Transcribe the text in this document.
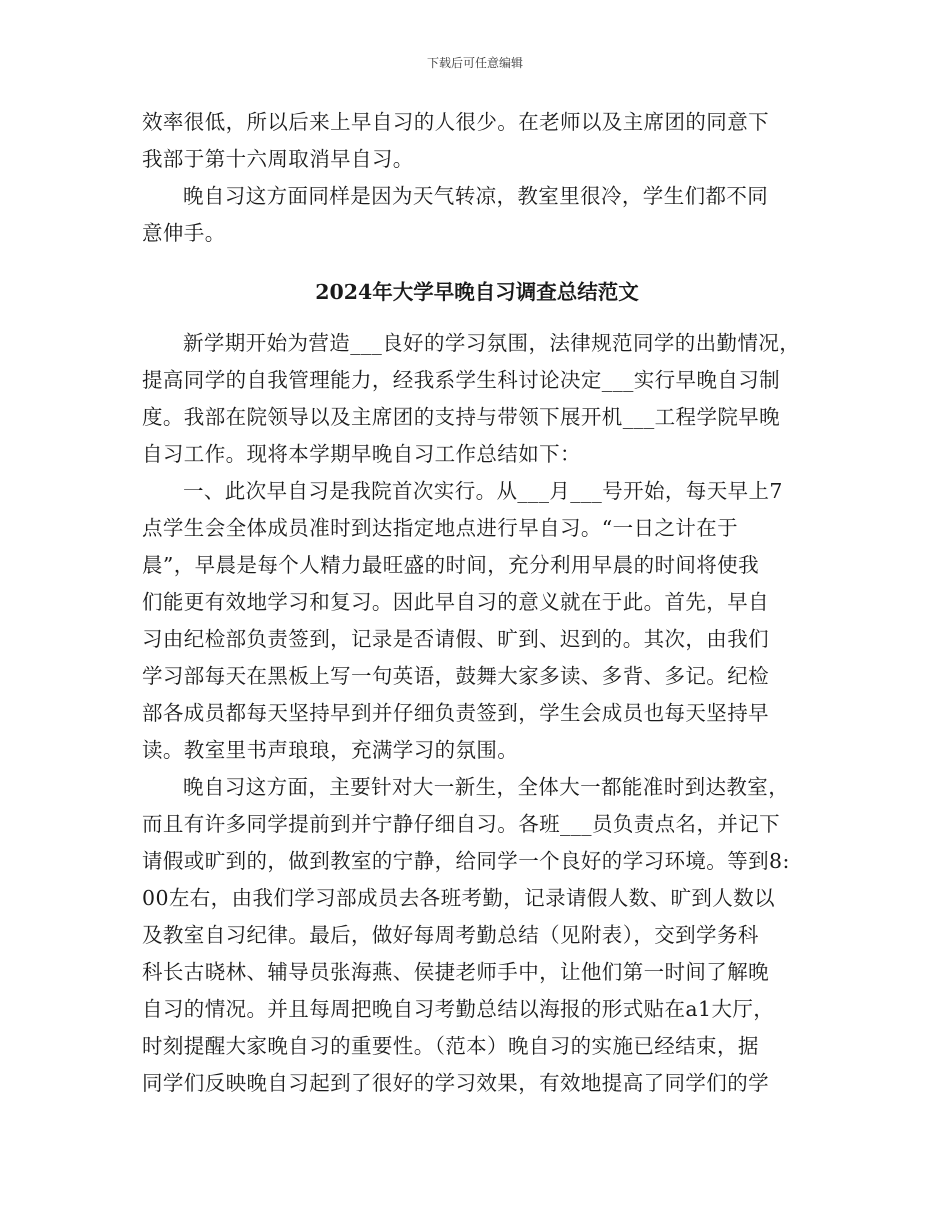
下载后可任意编辑
效率很低，所以后来上早自习的人很少。在老师以及主席团的同意下
我部于第十六周取消早自习。
晚自习这方面同样是因为天气转凉，教室里很冷，学生们都不同
意伸手。
2024年大学早晚自习调查总结范文
新学期开始为营造___良好的学习氛围，法律规范同学的出勤情况，
提高同学的自我管理能力，经我系学生科讨论决定___实行早晚自习制
度。我部在院领导以及主席团的支持与带领下展开机___工程学院早晚
自习工作。现将本学期早晚自习工作总结如下：
一、此次早自习是我院首次实行。从___月___号开始，每天早上7
点学生会全体成员准时到达指定地点进行早自习。“一日之计在于
晨”，早晨是每个人精力最旺盛的时间，充分利用早晨的时间将使我
们能更有效地学习和复习。因此早自习的意义就在于此。首先，早自
习由纪检部负责签到，记录是否请假、旷到、迟到的。其次，由我们
学习部每天在黑板上写一句英语，鼓舞大家多读、多背、多记。纪检
部各成员都每天坚持早到并仔细负责签到，学生会成员也每天坚持早
读。教室里书声琅琅，充满学习的氛围。
晚自习这方面，主要针对大一新生，全体大一都能准时到达教室，
而且有许多同学提前到并宁静仔细自习。各班___员负责点名，并记下
请假或旷到的，做到教室的宁静，给同学一个良好的学习环境。等到8:
00左右，由我们学习部成员去各班考勤，记录请假人数、旷到人数以
及教室自习纪律。最后，做好每周考勤总结（见附表），交到学务科
科长古晓林、辅导员张海燕、侯捷老师手中，让他们第一时间了解晚
自习的情况。并且每周把晚自习考勤总结以海报的形式贴在a1大厅，
时刻提醒大家晚自习的重要性。（范本）晚自习的实施已经结束，据
同学们反映晚自习起到了很好的学习效果，有效地提高了同学们的学
